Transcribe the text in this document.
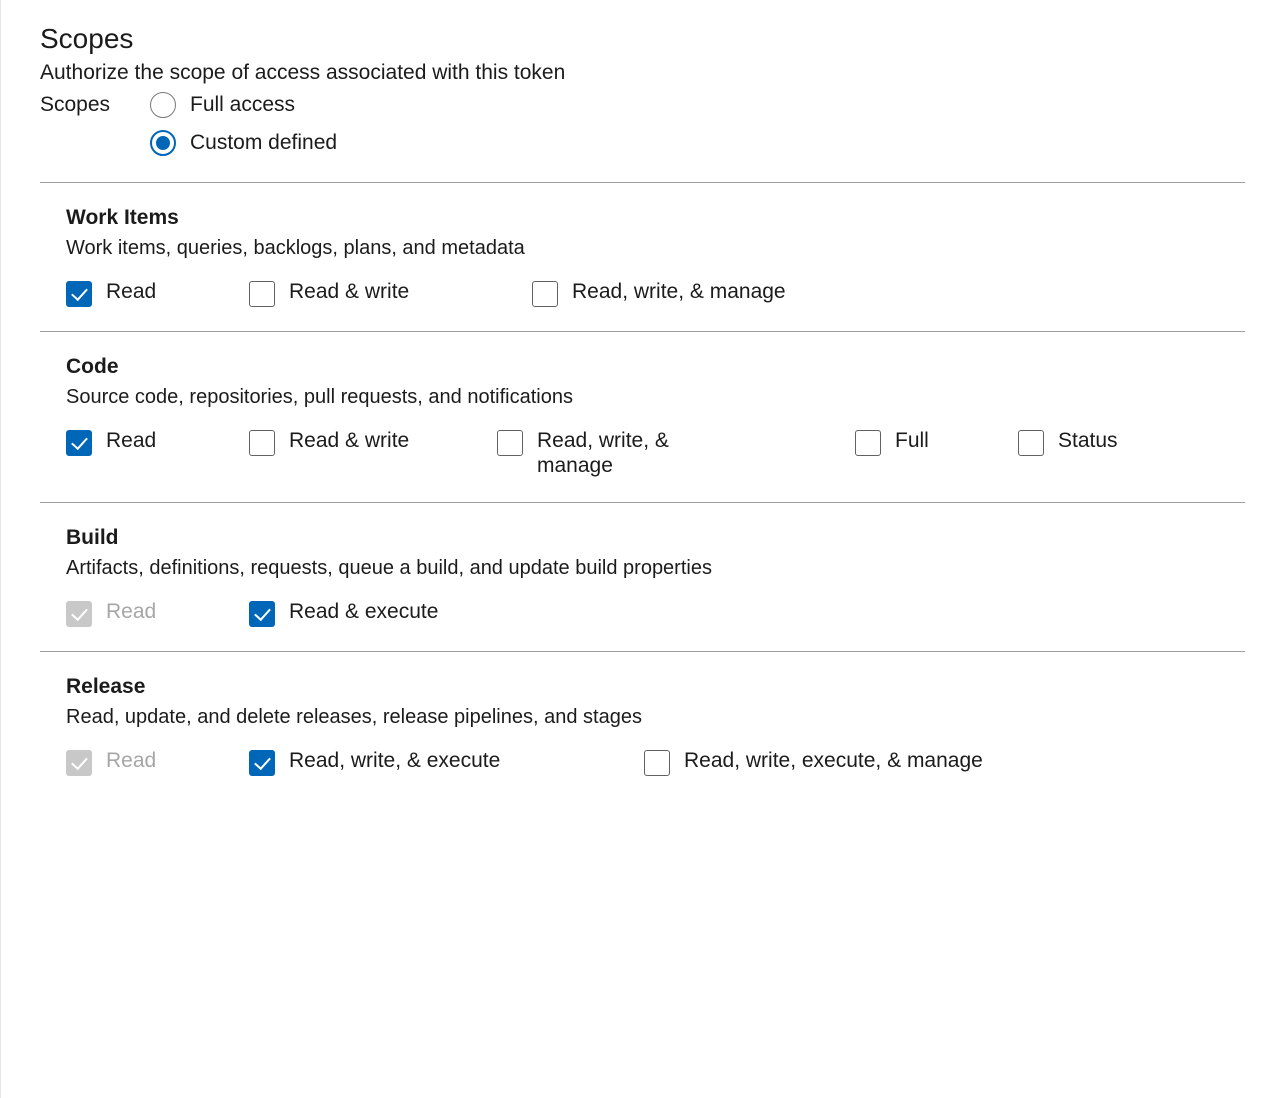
Scopes

Authorize the scope of access associated with this token

Scopes	Full access
Custom defined
Work Items
Work items, queries, backlogs, plans, and metadata
Read	Read & write	Read, write, & manage
Code
Source code, repositories, pull requests, and notifications
Read	Read & write	Read, write, & manage
Full	Status
Build
Artifacts, definitions, requests, queue a build, and update build properties
Read	Read & execute
Release
Read, update, and delete releases, release pipelines, and stages
Read	Read, write, & execute	Read, write, execute, & manage
